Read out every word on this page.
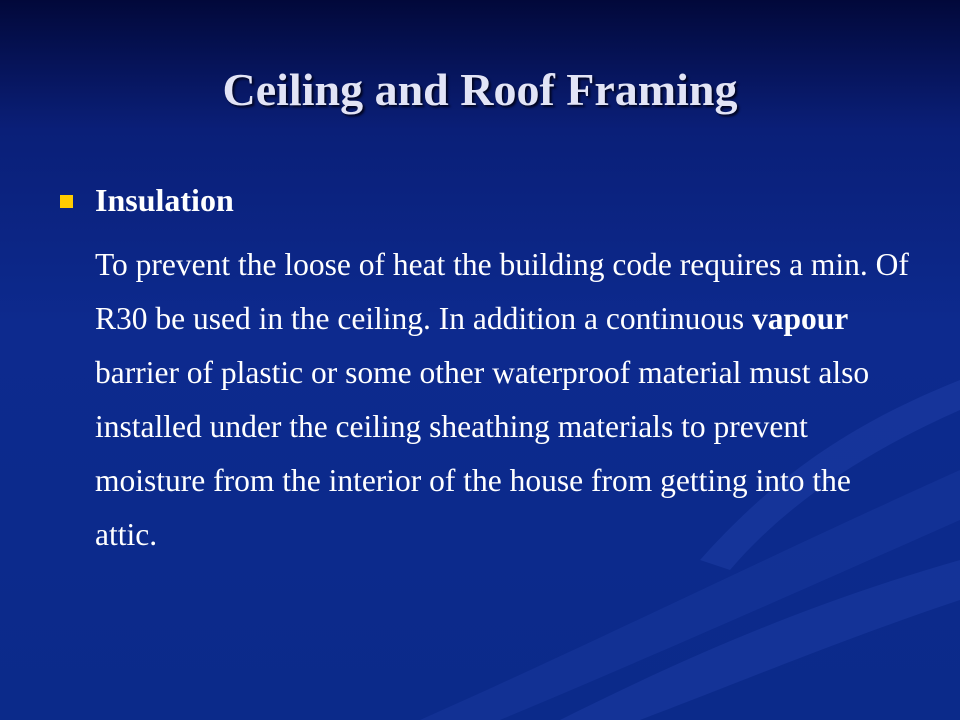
Ceiling and Roof Framing
Insulation
To prevent the loose of heat the building code requires a min. Of R30 be used in the ceiling. In addition a continuous vapour barrier of plastic or some other waterproof material must also installed under the ceiling sheathing materials to prevent moisture from the interior of the house from getting into the attic.
